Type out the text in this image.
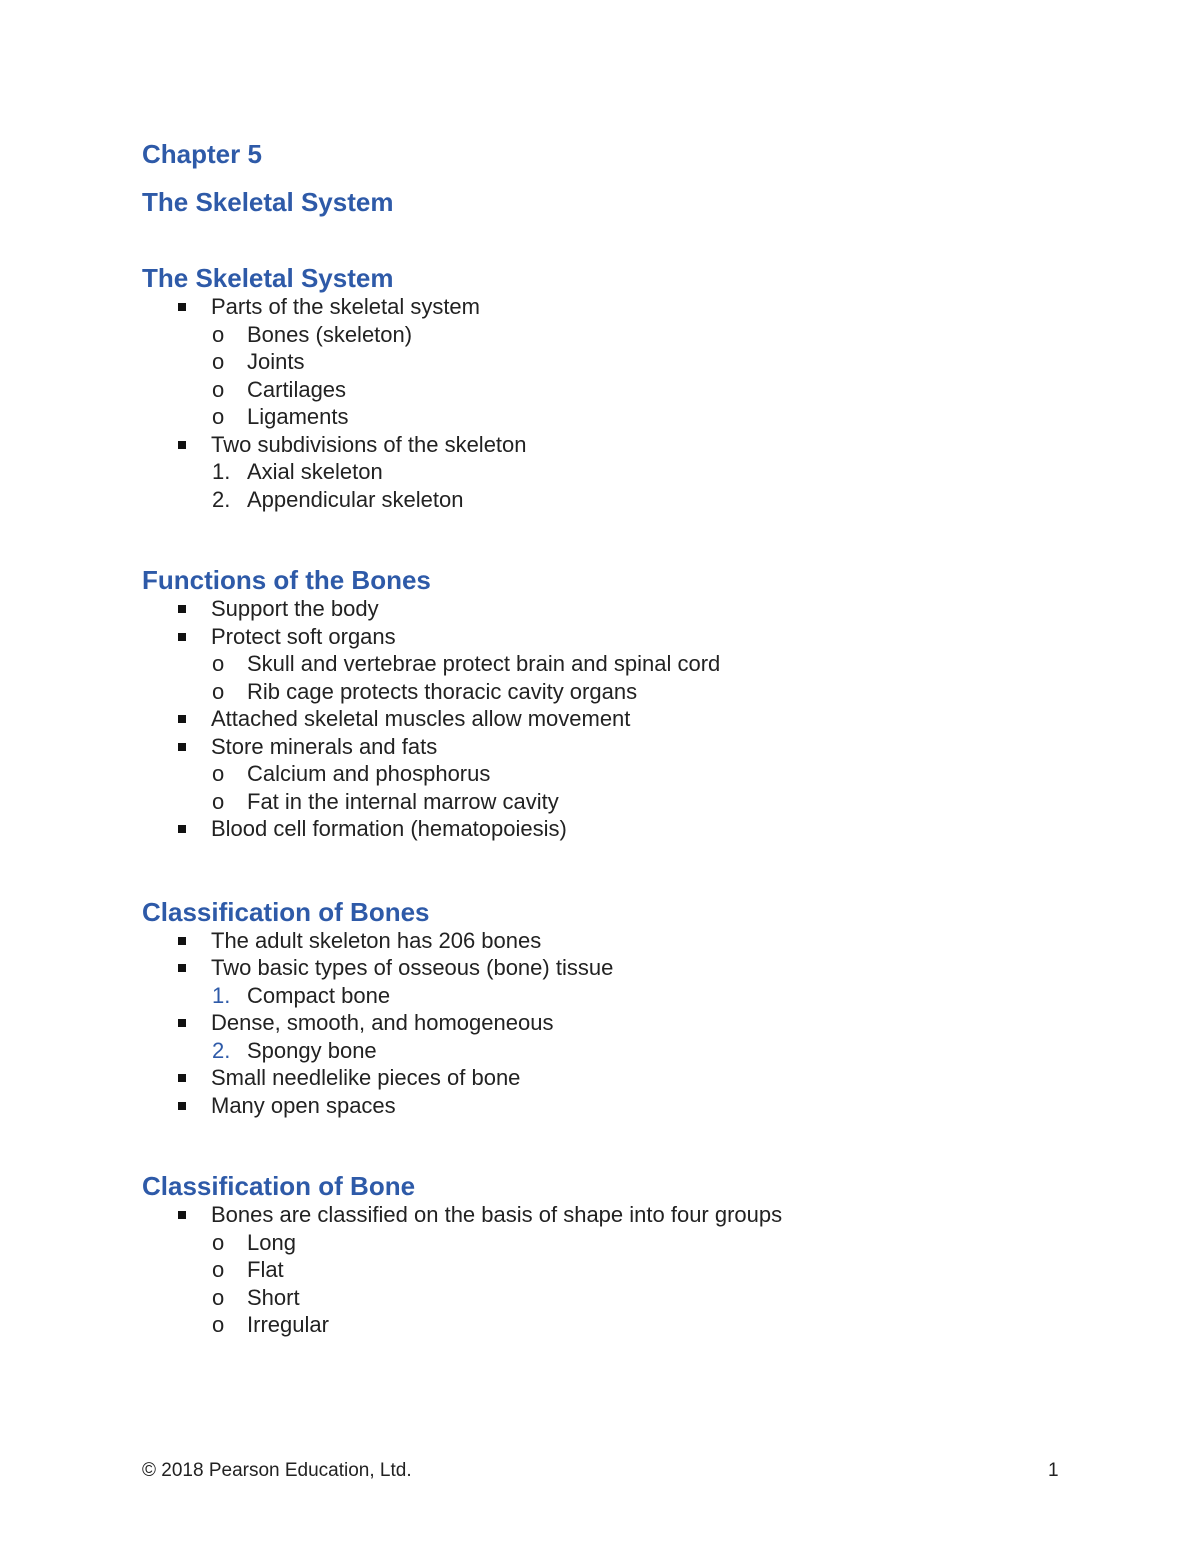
Chapter 5
The Skeletal System
The Skeletal System
Parts of the skeletal system
o Bones (skeleton)
o Joints
o Cartilages
o Ligaments
Two subdivisions of the skeleton
1. Axial skeleton
2. Appendicular skeleton
Functions of the Bones
Support the body
Protect soft organs
o Skull and vertebrae protect brain and spinal cord
o Rib cage protects thoracic cavity organs
Attached skeletal muscles allow movement
Store minerals and fats
o Calcium and phosphorus
o Fat in the internal marrow cavity
Blood cell formation (hematopoiesis)
Classification of Bones
The adult skeleton has 206 bones
Two basic types of osseous (bone) tissue
1. Compact bone
Dense, smooth, and homogeneous
2. Spongy bone
Small needlelike pieces of bone
Many open spaces
Classification of Bone
Bones are classified on the basis of shape into four groups
o Long
o Flat
o Short
o Irregular
© 2018 Pearson Education, Ltd.	1
